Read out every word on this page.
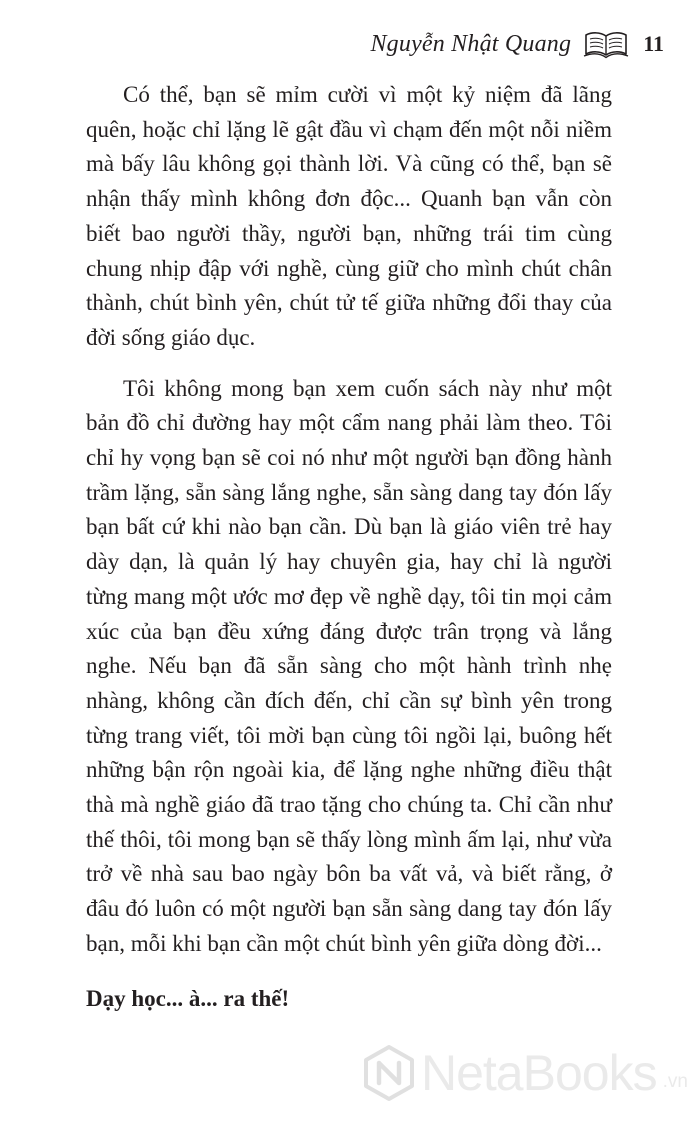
Nguyễn Nhật Quang	11

Có thể, bạn sẽ mỉm cười vì một kỷ niệm đã lãng quên, hoặc chỉ lặng lẽ gật đầu vì chạm đến một nỗi niềm mà bấy lâu không gọi thành lời. Và cũng có thể, bạn sẽ nhận thấy mình không đơn độc... Quanh bạn vẫn còn biết bao người thầy, người bạn, những trái tim cùng chung nhịp đập với nghề, cùng giữ cho mình chút chân thành, chút bình yên, chút tử tế giữa những đổi thay của đời sống giáo dục.

Tôi không mong bạn xem cuốn sách này như một bản đồ chỉ đường hay một cẩm nang phải làm theo. Tôi chỉ hy vọng bạn sẽ coi nó như một người bạn đồng hành trầm lặng, sẵn sàng lắng nghe, sẵn sàng dang tay đón lấy bạn bất cứ khi nào bạn cần. Dù bạn là giáo viên trẻ hay dày dạn, là quản lý hay chuyên gia, hay chỉ là người từng mang một ước mơ đẹp về nghề dạy, tôi tin mọi cảm xúc của bạn đều xứng đáng được trân trọng và lắng nghe. Nếu bạn đã sẵn sàng cho một hành trình nhẹ nhàng, không cần đích đến, chỉ cần sự bình yên trong từng trang viết, tôi mời bạn cùng tôi ngồi lại, buông hết những bận rộn ngoài kia, để lặng nghe những điều thật thà mà nghề giáo đã trao tặng cho chúng ta. Chỉ cần như thế thôi, tôi mong bạn sẽ thấy lòng mình ấm lại, như vừa trở về nhà sau bao ngày bôn ba vất vả, và biết rằng, ở đâu đó luôn có một người bạn sẵn sàng dang tay đón lấy bạn, mỗi khi bạn cần một chút bình yên giữa dòng đời...

Dạy học... à... ra thế!

NetaBooks .vn
